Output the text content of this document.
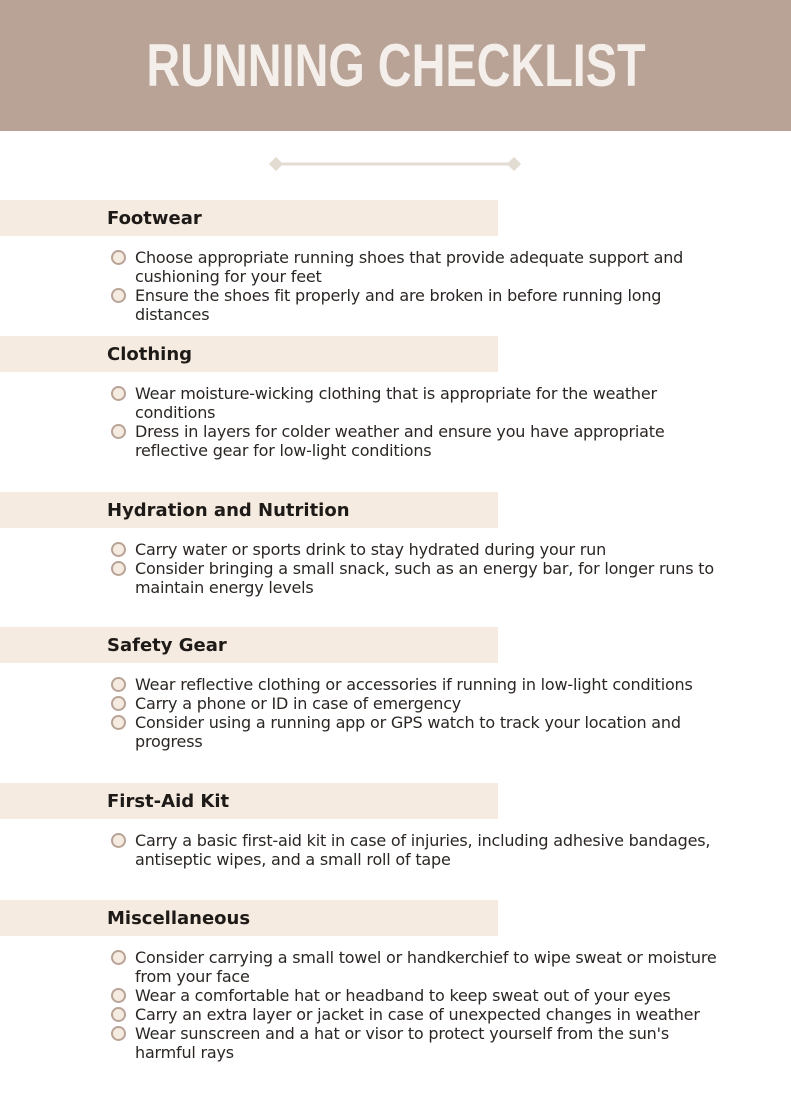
RUNNING CHECKLIST
Footwear
Choose appropriate running shoes that provide adequate support and cushioning for your feet
Ensure the shoes fit properly and are broken in before running long distances
Clothing
Wear moisture-wicking clothing that is appropriate for the weather conditions
Dress in layers for colder weather and ensure you have appropriate reflective gear for low-light conditions
Hydration and Nutrition
Carry water or sports drink to stay hydrated during your run
Consider bringing a small snack, such as an energy bar, for longer runs to maintain energy levels
Safety Gear
Wear reflective clothing or accessories if running in low-light conditions
Carry a phone or ID in case of emergency
Consider using a running app or GPS watch to track your location and progress
First-Aid Kit
Carry a basic first-aid kit in case of injuries, including adhesive bandages, antiseptic wipes, and a small roll of tape
Miscellaneous
Consider carrying a small towel or handkerchief to wipe sweat or moisture from your face
Wear a comfortable hat or headband to keep sweat out of your eyes
Carry an extra layer or jacket in case of unexpected changes in weather
Wear sunscreen and a hat or visor to protect yourself from the sun's harmful rays
